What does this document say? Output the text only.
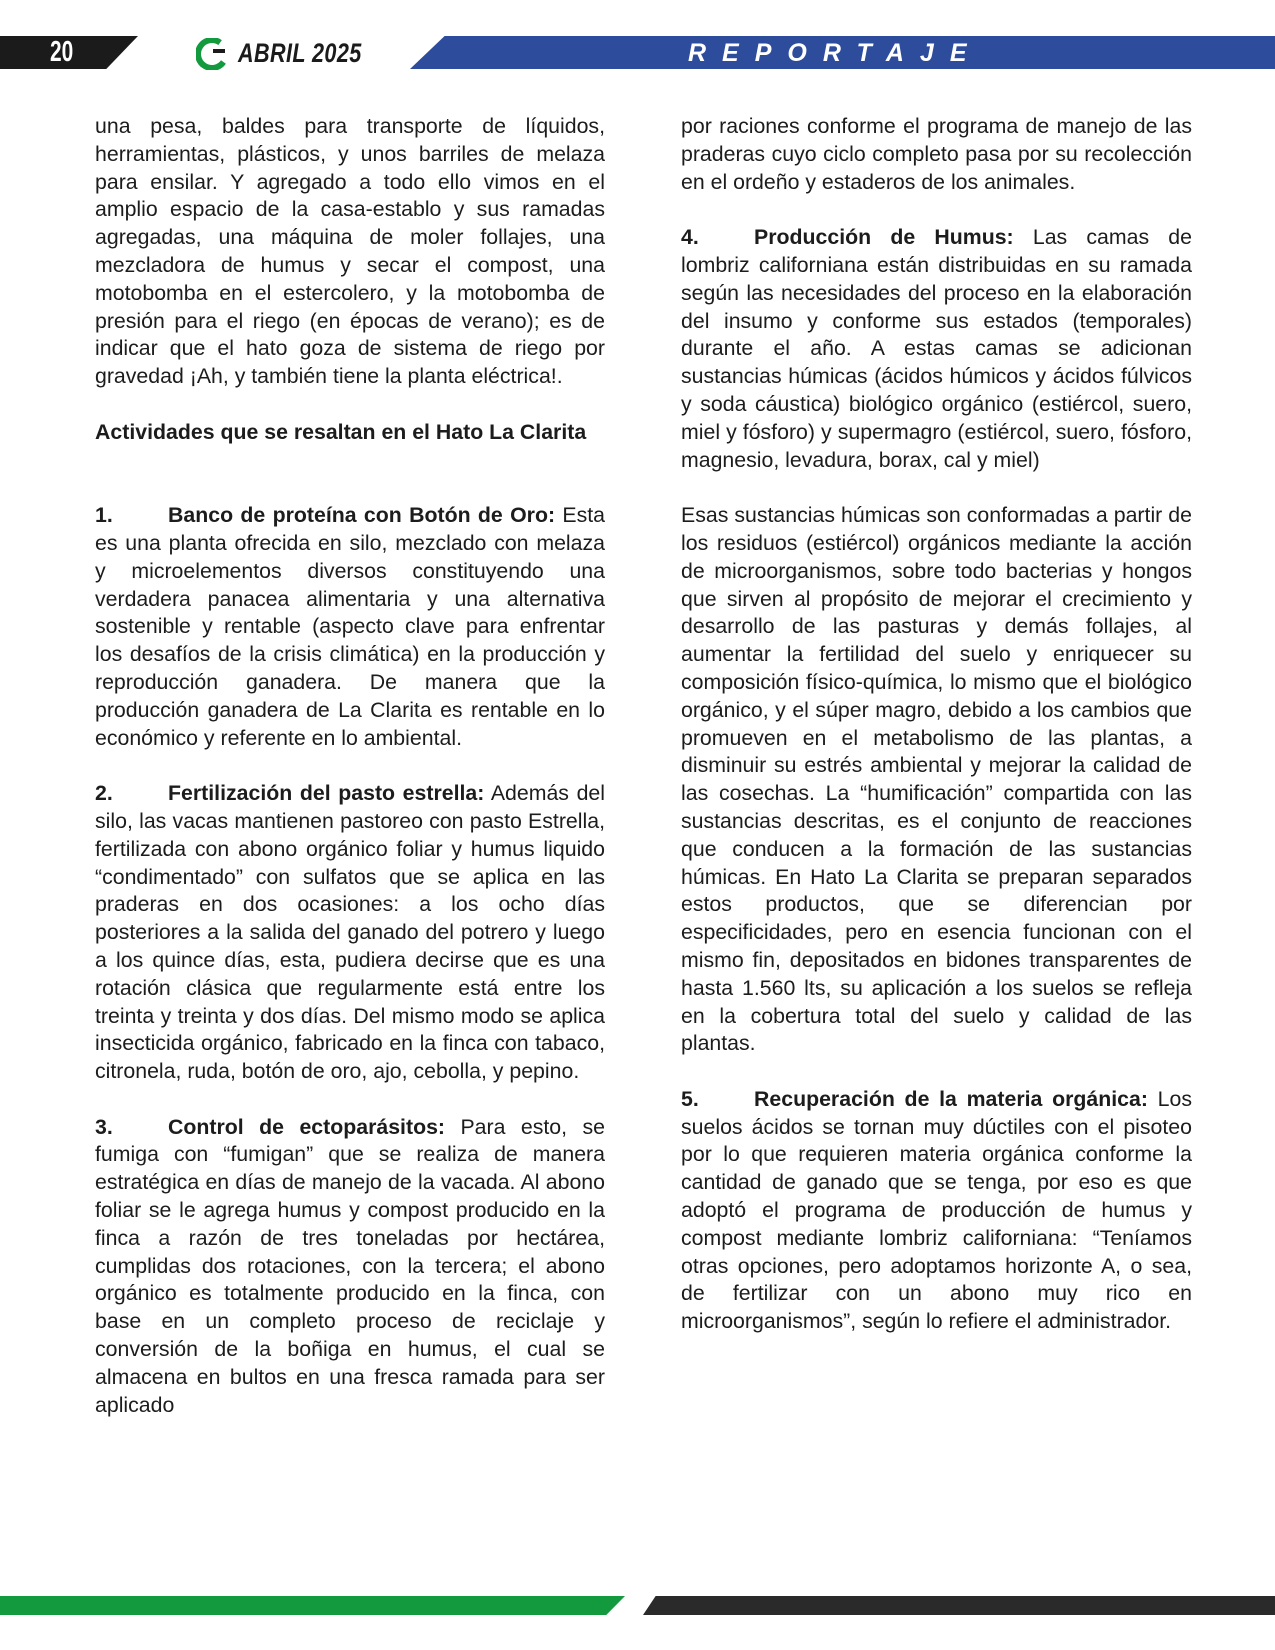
20	ABRIL 2025	REPORTAJE

una pesa, baldes para transporte de líquidos, herramientas, plásticos, y unos barriles de melaza para ensilar. Y agregado a todo ello vimos en el amplio espacio de la casa-establo y sus ramadas agregadas, una máquina de moler follajes, una mezcladora de humus y secar el compost, una motobomba en el estercolero, y la motobomba de presión para el riego (en épocas de verano); es de indicar que el hato goza de sistema de riego por gravedad ¡Ah, y también tiene la planta eléctrica!.

Actividades que se resaltan en el Hato La Clarita

1.	Banco de proteína con Botón de Oro: Esta es una planta ofrecida en silo, mezclado con melaza y microelementos diversos constituyendo una verdadera panacea alimentaria y una alternativa sostenible y rentable (aspecto clave para enfrentar los desafíos de la crisis climática) en la producción y reproducción ganadera. De manera que la producción ganadera de La Clarita es rentable en lo económico y referente en lo ambiental.

2.	Fertilización del pasto estrella: Además del silo, las vacas mantienen pastoreo con pasto Estrella, fertilizada con abono orgánico foliar y humus liquido “condimentado” con sulfatos que se aplica en las praderas en dos ocasiones: a los ocho días posteriores a la salida del ganado del potrero y luego a los quince días, esta, pudiera decirse que es una rotación clásica que regularmente está entre los treinta y treinta y dos días. Del mismo modo se aplica insecticida orgánico, fabricado en la finca con tabaco, citronela, ruda, botón de oro, ajo, cebolla, y pepino.

3.	Control de ectoparásitos: Para esto, se fumiga con “fumigan” que se realiza de manera estratégica en días de manejo de la vacada. Al abono foliar se le agrega humus y compost producido en la finca a razón de tres toneladas por hectárea, cumplidas dos rotaciones, con la tercera; el abono orgánico es totalmente producido en la finca, con base en un completo proceso de reciclaje y conversión de la boñiga en humus, el cual se almacena en bultos en una fresca ramada para ser aplicado

por raciones conforme el programa de manejo de las praderas cuyo ciclo completo pasa por su recolección en el ordeño y estaderos de los animales.

4.	Producción de Humus: Las camas de lombriz californiana están distribuidas en su ramada según las necesidades del proceso en la elaboración del insumo y conforme sus estados (temporales) durante el año. A estas camas se adicionan sustancias húmicas (ácidos húmicos y ácidos fúlvicos y soda cáustica) biológico orgánico (estiércol, suero, miel y fósforo) y supermagro (estiércol, suero, fósforo, magnesio, levadura, borax, cal y miel)

Esas sustancias húmicas son conformadas a partir de los residuos (estiércol) orgánicos mediante la acción de microorganismos, sobre todo bacterias y hongos que sirven al propósito de mejorar el crecimiento y desarrollo de las pasturas y demás follajes, al aumentar la fertilidad del suelo y enriquecer su composición físico-química, lo mismo que el biológico orgánico, y el súper magro, debido a los cambios que promueven en el metabolismo de las plantas, a disminuir su estrés ambiental y mejorar la calidad de las cosechas. La “humificación” compartida con las sustancias descritas, es el conjunto de reacciones que conducen a la formación de las sustancias húmicas. En Hato La Clarita se preparan separados estos productos, que se diferencian por especificidades, pero en esencia funcionan con el mismo fin, depositados en bidones transparentes de hasta 1.560 lts, su aplicación a los suelos se refleja en la cobertura total del suelo y calidad de las plantas.

5.	Recuperación de la materia orgánica: Los suelos ácidos se tornan muy dúctiles con el pisoteo por lo que requieren materia orgánica conforme la cantidad de ganado que se tenga, por eso es que adoptó el programa de producción de humus y compost mediante lombriz californiana: “Teníamos otras opciones, pero adoptamos horizonte A, o sea, de fertilizar con un abono muy rico en microorganismos”, según lo refiere el administrador.
